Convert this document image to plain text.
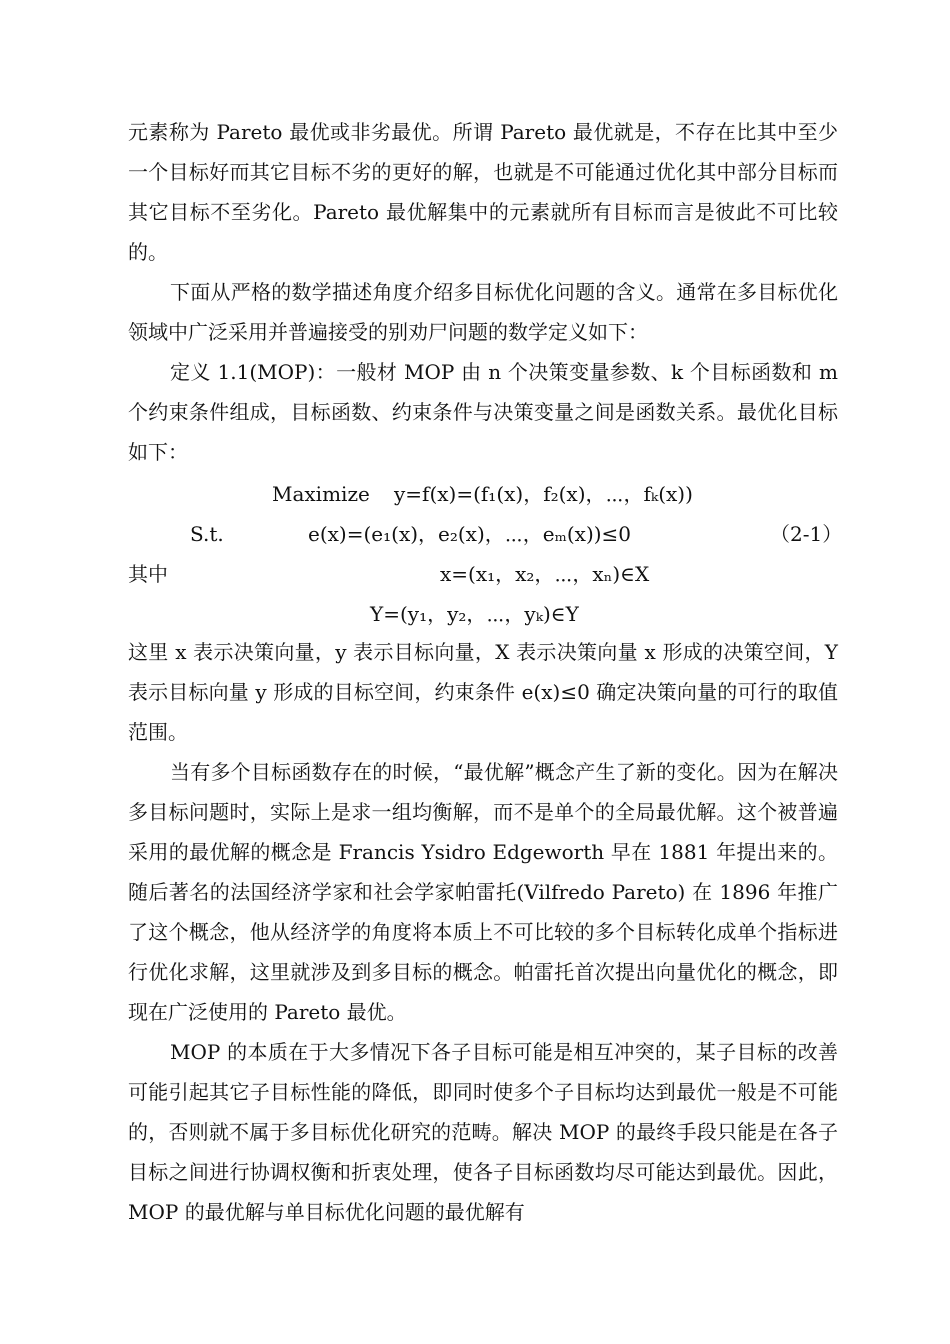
元素称为 Pareto 最优或非劣最优。所谓 Pareto 最优就是，不存在比其中至少一个目标好而其它目标不劣的更好的解，也就是不可能通过优化其中部分目标而其它目标不至劣化。Pareto 最优解集中的元素就所有目标而言是彼此不可比较的。

下面从严格的数学描述角度介绍多目标优化问题的含义。通常在多目标优化领域中广泛采用并普遍接受的别劝尸问题的数学定义如下：

定义 1.1(MOP)：一般材 MOP 由 n 个决策变量参数、k 个目标函数和 m 个约束条件组成，目标函数、约束条件与决策变量之间是函数关系。最优化目标如下：

Maximize y=f(x)=(f₁(x)，f₂(x)，⋯，fₖ(x))
S.t.	e(x)=(e₁(x)，e₂(x)，⋯，eₘ(x))≤0	（2-1）
其中	x=(x₁，x₂，⋯，xₙ)∈X
Y=(y₁，y₂，⋯，yₖ)∈Y

这里 x 表示决策向量，y 表示目标向量，X 表示决策向量 x 形成的决策空间，Y 表示目标向量 y 形成的目标空间，约束条件 e(x)≤0 确定决策向量的可行的取值范围。

当有多个目标函数存在的时候，“最优解”概念产生了新的变化。因为在解决多目标问题时，实际上是求一组均衡解，而不是单个的全局最优解。这个被普遍采用的最优解的概念是 Francis Ysidro Edgeworth 早在 1881 年提出来的。随后著名的法国经济学家和社会学家帕雷托(Vilfredo Pareto) 在 1896 年推广了这个概念，他从经济学的角度将本质上不可比较的多个目标转化成单个指标进行优化求解，这里就涉及到多目标的概念。帕雷托首次提出向量优化的概念，即现在广泛使用的 Pareto 最优。

MOP 的本质在于大多情况下各子目标可能是相互冲突的，某子目标的改善可能引起其它子目标性能的降低，即同时使多个子目标均达到最优一般是不可能的，否则就不属于多目标优化研究的范畴。解决 MOP 的最终手段只能是在各子目标之间进行协调权衡和折衷处理，使各子目标函数均尽可能达到最优。因此，MOP 的最优解与单目标优化问题的最优解有
